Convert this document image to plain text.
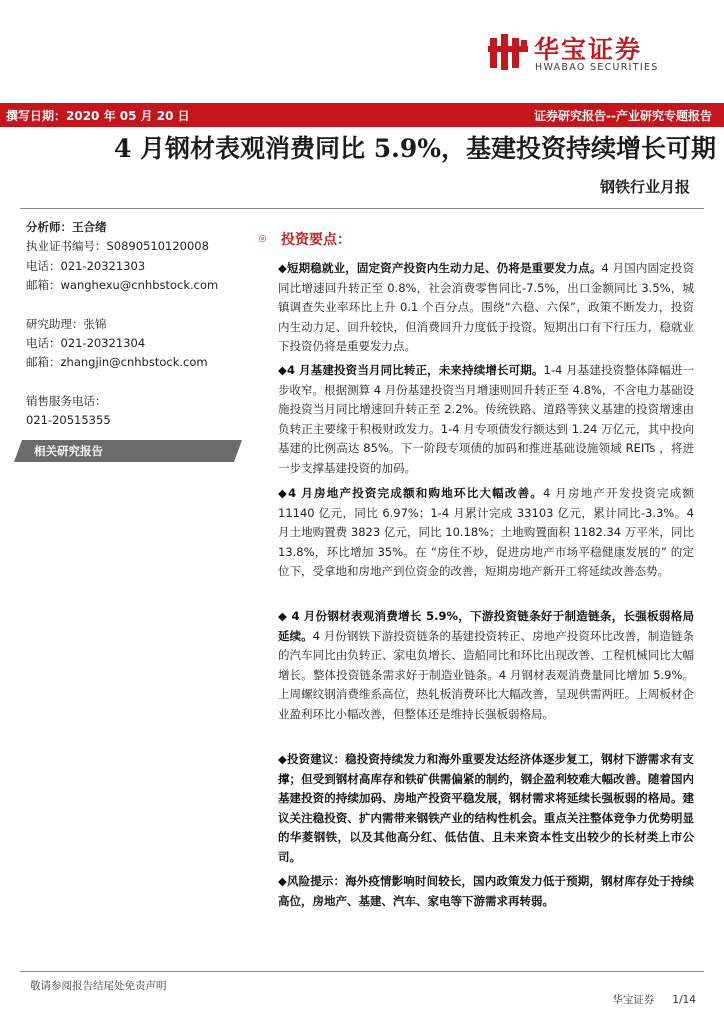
华宝证券
HWABAO SECURITIES
撰写日期：2020 年 05 月 20 日	证券研究报告--产业研究专题报告
4 月钢材表观消费同比 5.9%，基建投资持续增长可期
钢铁行业月报
分析师：王合绪
执业证书编号：S0890510120008
电话：021-20321303
邮箱：wanghexu@cnhbstock.com
研究助理：张锦
电话：021-20321304
邮箱：zhangjin@cnhbstock.com
销售服务电话：
021-20515355
相关研究报告
◎ 投资要点：
◆短期稳就业，固定资产投资内生动力足、仍将是重要发力点。4 月国内固定投资同比增速回升转正至 0.8%，社会消费零售同比-7.5%，出口金额同比 3.5%，城镇调查失业率环比上升 0.1 个百分点。围绕“六稳、六保”，政策不断发力，投资内生动力足、回升较快，但消费回升力度低于投资。短期出口有下行压力，稳就业下投资仍将是重要发力点。
◆4 月基建投资当月同比转正，未来持续增长可期。1-4 月基建投资整体降幅进一步收窄。根据测算 4 月份基建投资当月增速则回升转正至 4.8%，不含电力基础设施投资当月同比增速回升转正至 2.2%。传统铁路、道路等狭义基建的投资增速由负转正主要缘于积极财政发力。1-4 月专项债发行额达到 1.24 万亿元，其中投向基建的比例高达 85%。下一阶段专项债的加码和推进基础设施领域 REITs ，将进一步支撑基建投资的加码。
◆4 月房地产投资完成额和购地环比大幅改善。4 月房地产开发投资完成额 11140 亿元，同比 6.97%；1-4 月累计完成 33103 亿元，累计同比-3.3%。4 月土地购置费 3823 亿元，同比 10.18%；土地购置面积 1182.34 万平米，同比 13.8%，环比增加 35%。在 “房住不炒，促进房地产市场平稳健康发展的” 的定位下，受拿地和房地产到位资金的改善，短期房地产新开工将延续改善态势。
◆ 4 月份钢材表观消费增长 5.9%，下游投资链条好于制造链条，长强板弱格局延续。4 月份钢铁下游投资链条的基建投资转正、房地产投资环比改善，制造链条的汽车同比由负转正、家电负增长、造船同比和环比出现改善、工程机械同比大幅增长。整体投资链条需求好于制造业链条。4 月钢材表观消费量同比增加 5.9%。 上周螺纹钢消费维系高位，热轧板消费环比大幅改善，呈现供需两旺。上周板材企业盈利环比小幅改善，但整体还是维持长强板弱格局。
◆投资建议：稳投资持续发力和海外重要发达经济体逐步复工，钢材下游需求有支撑；但受到钢材高库存和铁矿供需偏紧的制约，钢企盈利较难大幅改善。随着国内基建投资的持续加码、房地产投资平稳发展，钢材需求将延续长强板弱的格局。建议关注稳投资、扩内需带来钢铁产业的结构性机会。重点关注整体竞争力优势明显的华菱钢铁，以及其他高分红、低估值、且未来资本性支出较少的长材类上市公司。
◆风险提示：海外疫情影响时间较长，国内政策发力低于预期，钢材库存处于持续高位，房地产、基建、汽车、家电等下游需求再转弱。
敬请参阅报告结尾处免责声明
华宝证券 1/14
